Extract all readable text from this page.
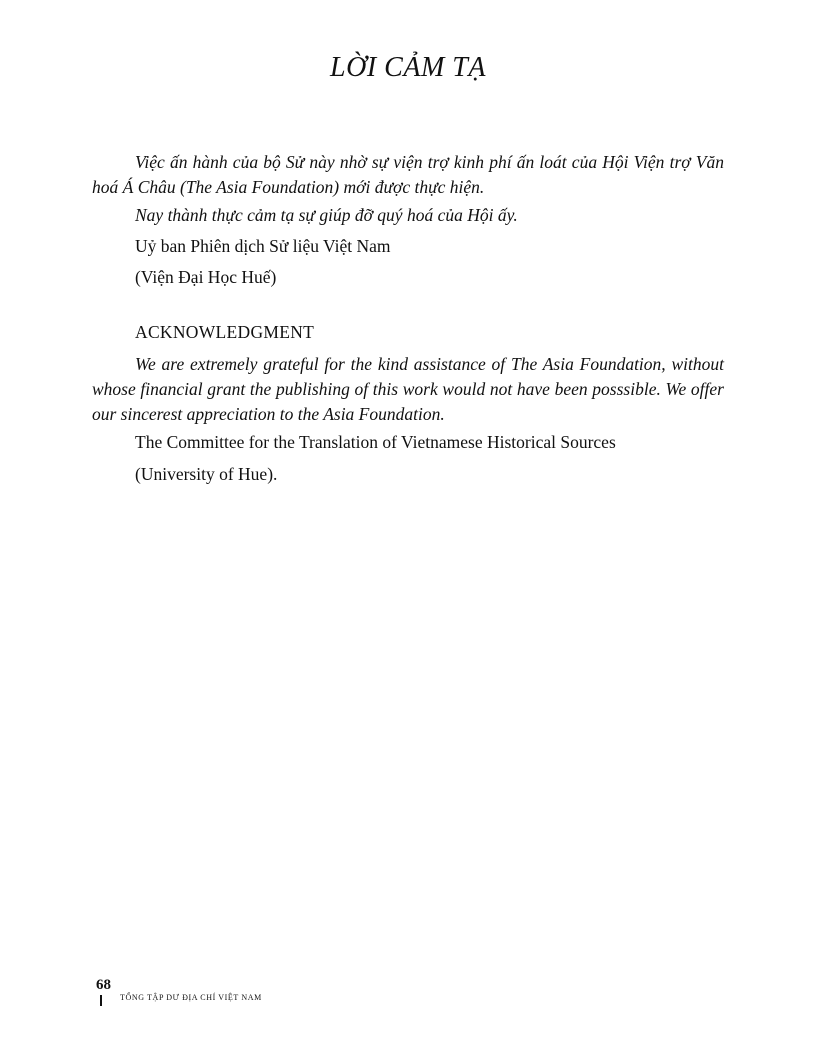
LỜI CẢM TẠ

Việc ấn hành của bộ Sử này nhờ sự viện trợ kinh phí ấn loát của Hội Viện trợ Văn hoá Á Châu (The Asia Foundation) mới được thực hiện.

Nay thành thực cảm tạ sự giúp đỡ quý hoá của Hội ấy.
Uỷ ban Phiên dịch Sử liệu Việt Nam
(Viện Đại Học Huế)
ACKNOWLEDGMENT

We are extremely grateful for the kind assistance of The Asia Foundation, without whose financial grant the publishing of this work would not have been posssible. We offer our sincerest appreciation to the Asia Foundation.

The Committee for the Translation of Vietnamese Historical Sources
(University of Hue).
68
TỔNG TẬP DƯ ĐỊA CHÍ VIỆT NAM
